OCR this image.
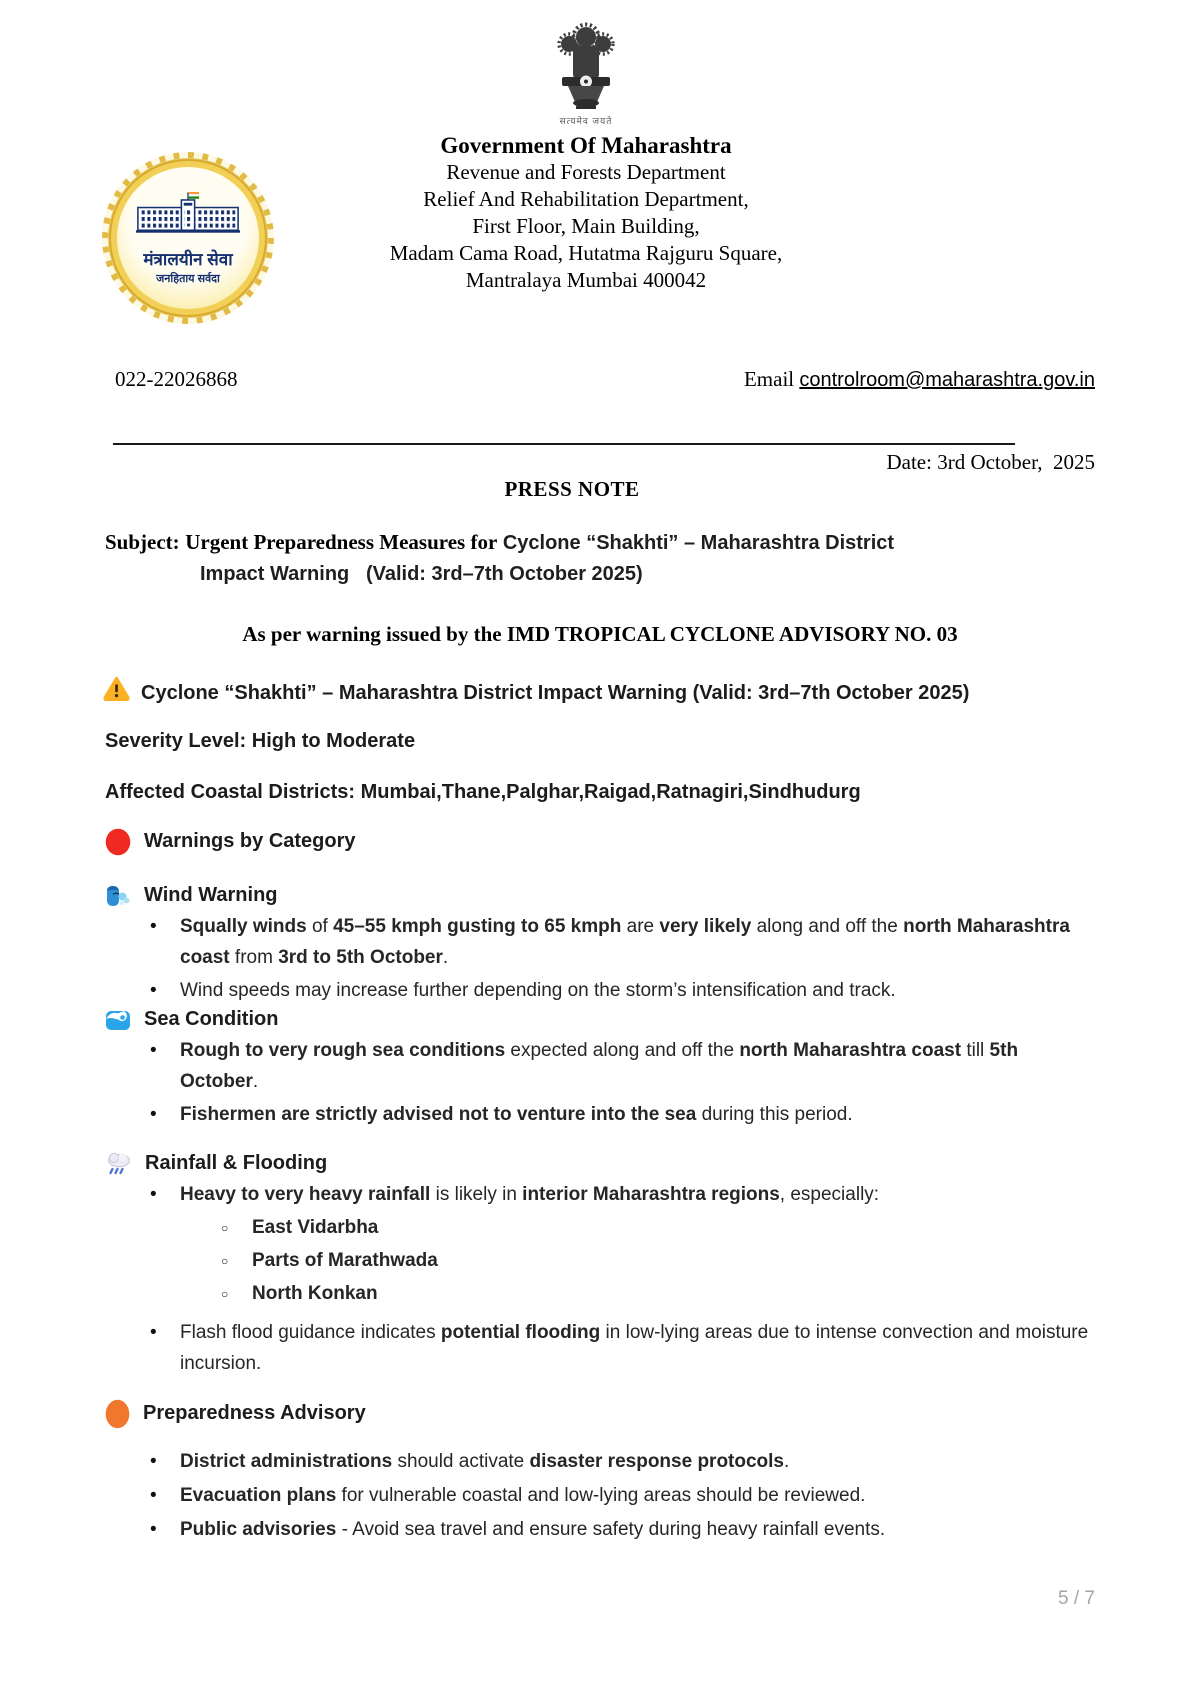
सत्यमेव जयते
Government Of Maharashtra
Revenue and Forests Department
Relief And Rehabilitation Department,
First Floor, Main Building,
Madam Cama Road, Hutatma Rajguru Square,
Mantralaya Mumbai 400042
मंत्रालयीन सेवा
जनहिताय सर्वदा
022-22026868	Email controlroom@maharashtra.gov.in
Date: 3rd October,  2025
PRESS NOTE
Subject: Urgent Preparedness Measures for Cyclone “Shakhti” – Maharashtra District
Impact Warning   (Valid: 3rd–7th October 2025)
As per warning issued by the IMD TROPICAL CYCLONE ADVISORY NO. 03
Cyclone “Shakhti” – Maharashtra District Impact Warning (Valid: 3rd–7th October 2025)
Severity Level: High to Moderate
Affected Coastal Districts: Mumbai,Thane,Palghar,Raigad,Ratnagiri,Sindhudurg
Warnings by Category
Wind Warning
• Squally winds of 45–55 kmph gusting to 65 kmph are very likely along and off the north Maharashtra coast from 3rd to 5th October.
• Wind speeds may increase further depending on the storm’s intensification and track.
Sea Condition
• Rough to very rough sea conditions expected along and off the north Maharashtra coast till 5th October.
• Fishermen are strictly advised not to venture into the sea during this period.
Rainfall & Flooding
• Heavy to very heavy rainfall is likely in interior Maharashtra regions, especially:
○ East Vidarbha
○ Parts of Marathwada
○ North Konkan
• Flash flood guidance indicates potential flooding in low-lying areas due to intense convection and moisture incursion.
Preparedness Advisory
• District administrations should activate disaster response protocols.
• Evacuation plans for vulnerable coastal and low-lying areas should be reviewed.
• Public advisories - Avoid sea travel and ensure safety during heavy rainfall events.
5 / 7
